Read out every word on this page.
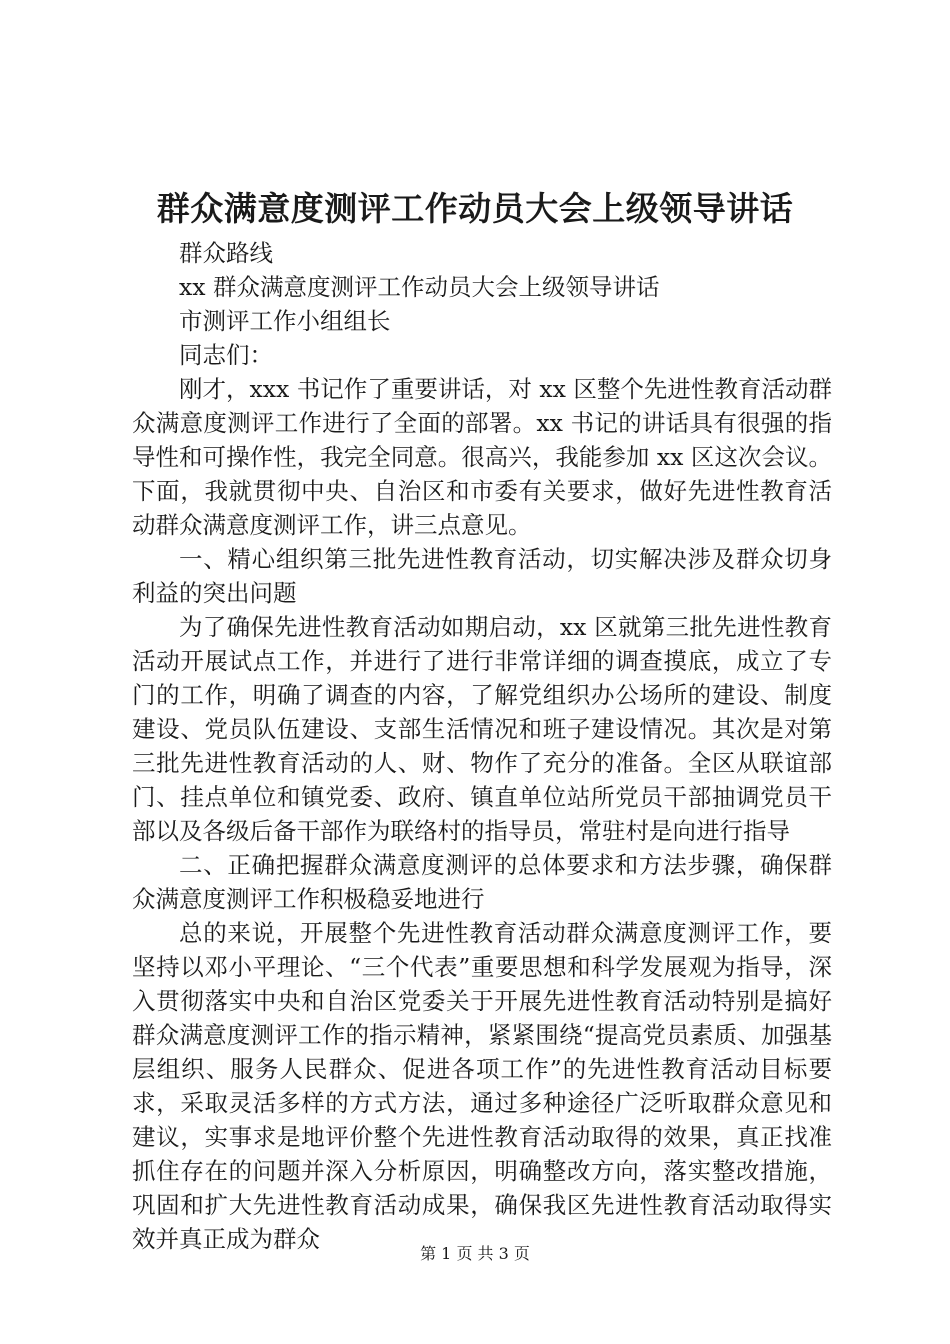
群众满意度测评工作动员大会上级领导讲话
群众路线
xx 群众满意度测评工作动员大会上级领导讲话
市测评工作小组组长
同志们：

刚才，xxx 书记作了重要讲话，对 xx 区整个先进性教育活动群众满意度测评工作进行了全面的部署。xx 书记的讲话具有很强的指导性和可操作性，我完全同意。很高兴，我能参加 xx 区这次会议。下面，我就贯彻中央、自治区和市委有关要求，做好先进性教育活动群众满意度测评工作，讲三点意见。

一、精心组织第三批先进性教育活动，切实解决涉及群众切身利益的突出问题

为了确保先进性教育活动如期启动，xx 区就第三批先进性教育活动开展试点工作，并进行了进行非常详细的调查摸底，成立了专门的工作，明确了调查的内容，了解党组织办公场所的建设、制度建设、党员队伍建设、支部生活情况和班子建设情况。其次是对第三批先进性教育活动的人、财、物作了充分的准备。全区从联谊部门、挂点单位和镇党委、政府、镇直单位站所党员干部抽调党员干部以及各级后备干部作为联络村的指导员，常驻村是向进行指导

二、正确把握群众满意度测评的总体要求和方法步骤，确保群众满意度测评工作积极稳妥地进行

总的来说，开展整个先进性教育活动群众满意度测评工作，要坚持以邓小平理论、“三个代表”重要思想和科学发展观为指导，深入贯彻落实中央和自治区党委关于开展先进性教育活动特别是搞好群众满意度测评工作的指示精神，紧紧围绕“提高党员素质、加强基层组织、服务人民群众、促进各项工作”的先进性教育活动目标要求，采取灵活多样的方式方法，通过多种途径广泛听取群众意见和建议，实事求是地评价整个先进性教育活动取得的效果，真正找准抓住存在的问题并深入分析原因，明确整改方向，落实整改措施，巩固和扩大先进性教育活动成果，确保我区先进性教育活动取得实效并真正成为群众

第 1 页 共 3 页
